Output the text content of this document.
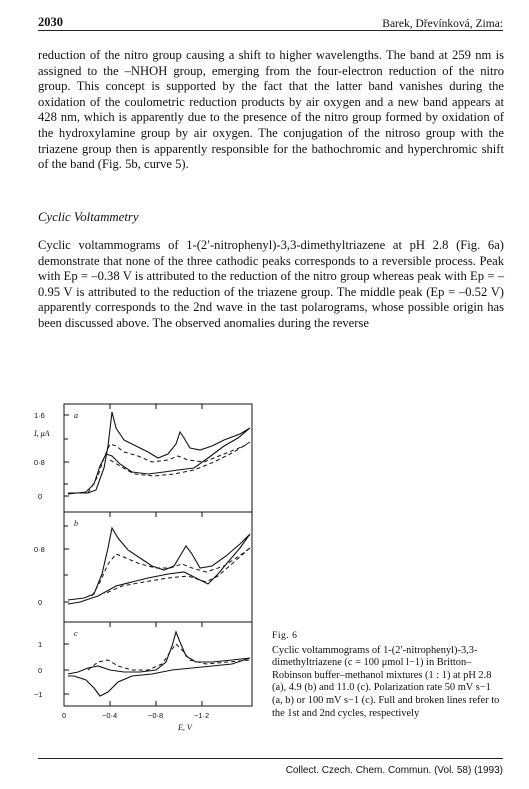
2030	Barek, Dřevínková, Zima:

reduction of the nitro group causing a shift to higher wavelengths. The band at 259 nm is assigned to the –NHOH group, emerging from the four-electron reduction of the nitro group. This concept is supported by the fact that the latter band vanishes during the oxidation of the coulometric reduction products by air oxygen and a new band appears at 428 nm, which is apparently due to the presence of the nitro group formed by oxidation of the hydroxylamine group by air oxygen. The conjugation of the nitroso group with the triazene group then is apparently responsible for the bathochromic and hyperchromic shift of the band (Fig. 5b, curve 5).

Cyclic Voltammetry

Cyclic voltammograms of 1-(2′-nitrophenyl)-3,3-dimethyltriazene at pH 2.8 (Fig. 6a) demonstrate that none of the three cathodic peaks corresponds to a reversible process. Peak with Ep = –0.38 V is attributed to the reduction of the nitro group whereas peak with Ep = –0.95 V is attributed to the reduction of the triazene group. The middle peak (Ep = –0.52 V) apparently corresponds to the 2nd wave in the tast polarograms, whose possible origin has been discussed above. The observed anomalies during the reverse

1·6
0·8
0
0·8
0
1
0
−1
I, μA
a
b
c
0	−0·4	−0·8	−1·2
E, V

Fig. 6
Cyclic voltammograms of 1-(2′-nitrophenyl)-3,3-dimethyltriazene (c = 100 μmol l−1) in Britton–Robinson buffer–methanol mixtures (1 : 1) at pH 2.8 (a), 4.9 (b) and 11.0 (c). Polarization rate 50 mV s−1 (a, b) or 100 mV s−1 (c). Full and broken lines refer to the 1st and 2nd cycles, respectively

Collect. Czech. Chem. Commun. (Vol. 58) (1993)
